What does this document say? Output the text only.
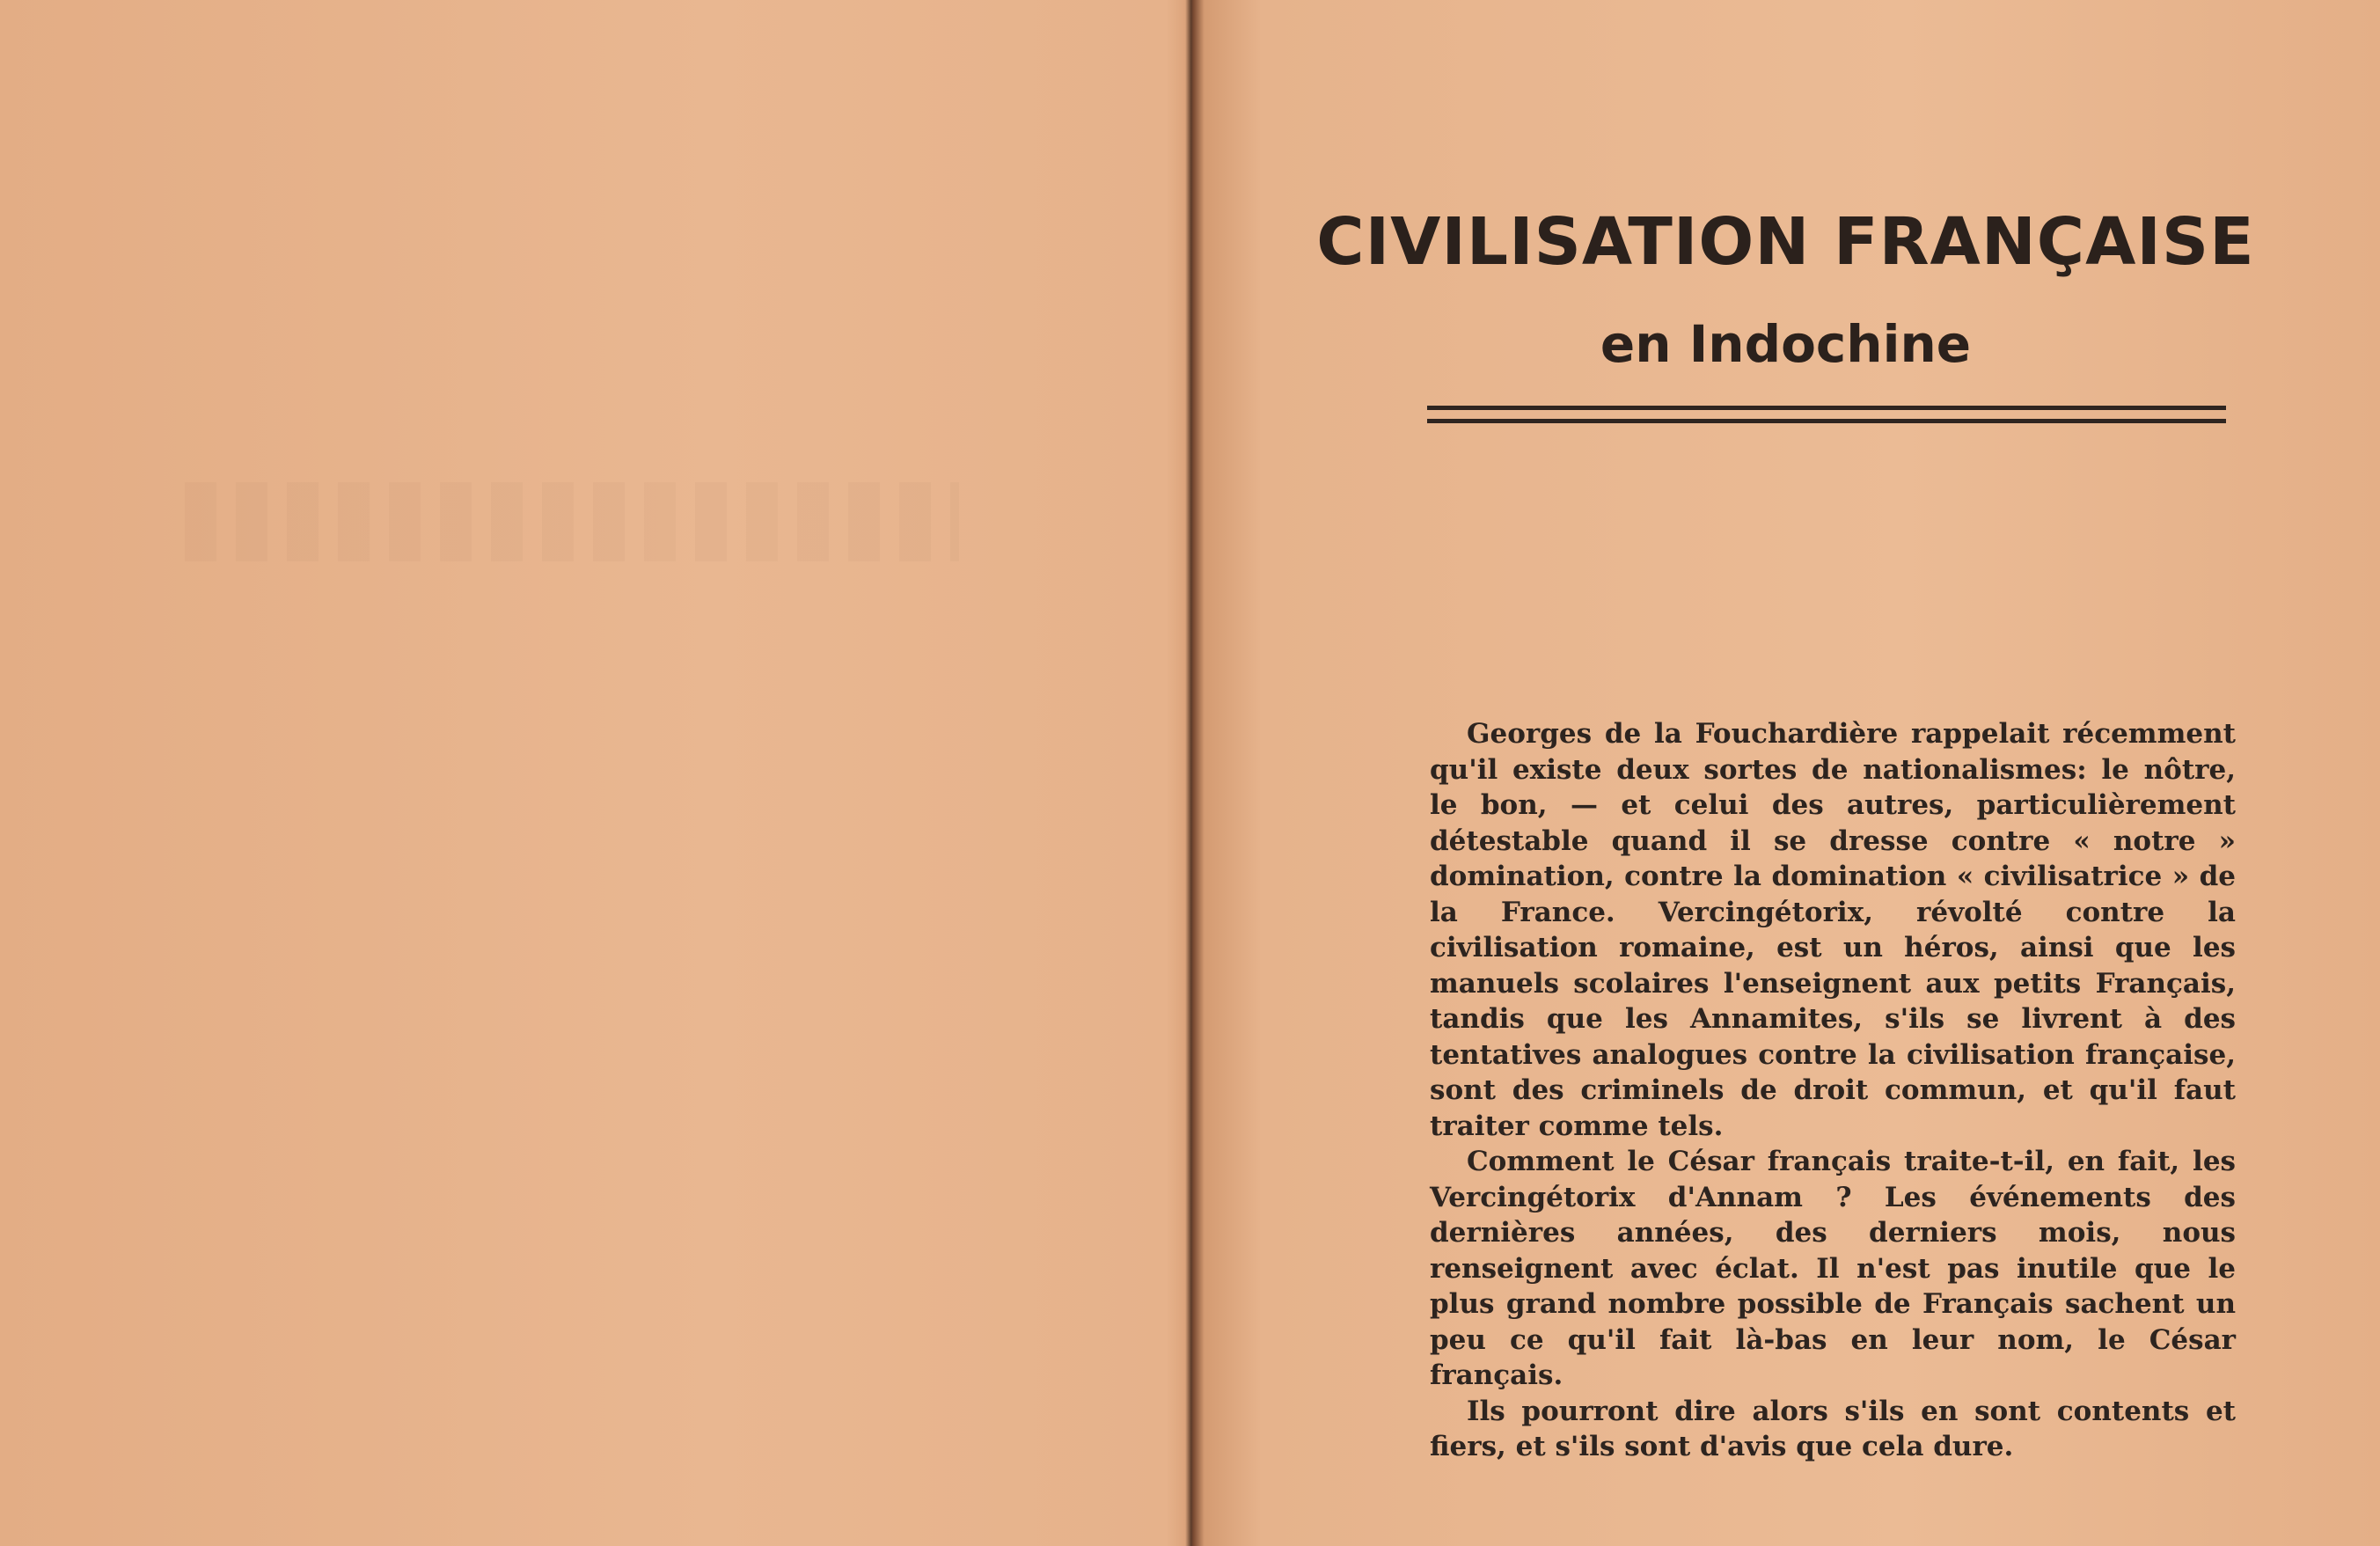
CIVILISATION FRANÇAISE
en Indochine

Georges de la Fouchardière rappelait récemment qu'il existe deux sortes de nationalismes: le nôtre, le bon, — et celui des autres, particulièrement détestable quand il se dresse contre « notre » domination, contre la domination « civilisatrice » de la France. Vercingétorix, révolté contre la civilisation romaine, est un héros, ainsi que les manuels scolaires l'enseignent aux petits Français, tandis que les Annamites, s'ils se livrent à des tentatives analogues contre la civilisation française, sont des criminels de droit commun, et qu'il faut traiter comme tels.

Comment le César français traite-t-il, en fait, les Vercingétorix d'Annam ? Les événements des dernières années, des derniers mois, nous renseignent avec éclat. Il n'est pas inutile que le plus grand nombre possible de Français sachent un peu ce qu'il fait là-bas en leur nom, le César français.

Ils pourront dire alors s'ils en sont contents et fiers, et s'ils sont d'avis que cela dure.
